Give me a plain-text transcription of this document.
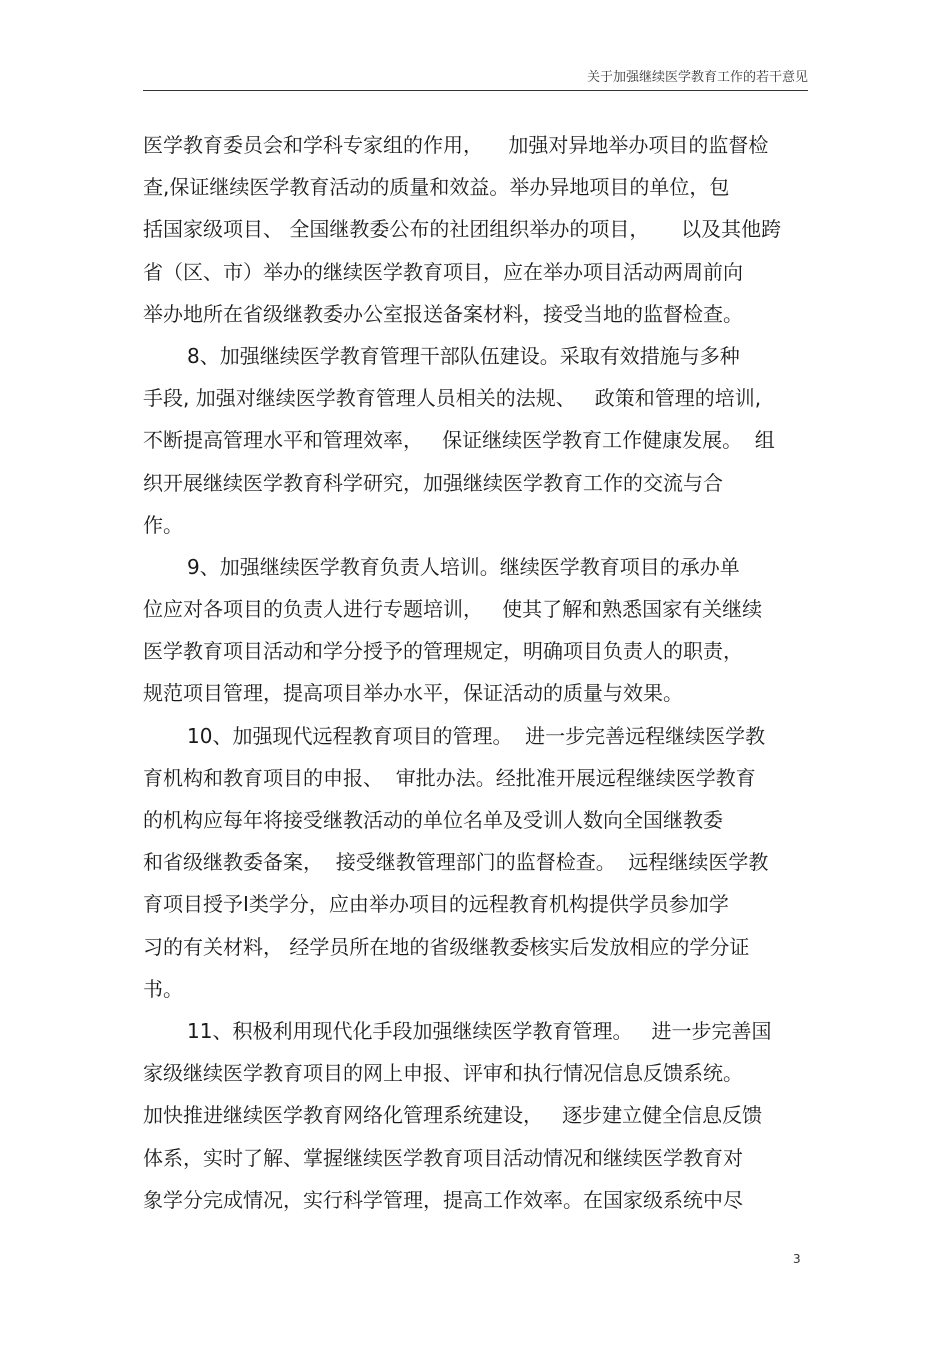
关于加强继续医学教育工作的若干意见
医学教育委员会和学科专家组的作用，    加强对异地举办项目的监督检
查,保证继续医学教育活动的质量和效益。举办异地项目的单位，包
括国家级项目、 全国继教委公布的社团组织举办的项目，     以及其他跨
省（区、市）举办的继续医学教育项目，应在举办项目活动两周前向
举办地所在省级继教委办公室报送备案材料，接受当地的监督检查。
8、加强继续医学教育管理干部队伍建设。采取有效措施与多种
手段, 加强对继续医学教育管理人员相关的法规、   政策和管理的培训,
不断提高管理水平和管理效率，   保证继续医学教育工作健康发展。  组
织开展继续医学教育科学研究，加强继续医学教育工作的交流与合
作。
9、加强继续医学教育负责人培训。继续医学教育项目的承办单
位应对各项目的负责人进行专题培训，   使其了解和熟悉国家有关继续
医学教育项目活动和学分授予的管理规定，明确项目负责人的职责，
规范项目管理，提高项目举办水平，保证活动的质量与效果。
10、加强现代远程教育项目的管理。  进一步完善远程继续医学教
育机构和教育项目的申报、  审批办法。经批准开展远程继续医学教育
的机构应每年将接受继教活动的单位名单及受训人数向全国继教委
和省级继教委备案，  接受继教管理部门的监督检查。  远程继续医学教
育项目授予Ⅰ类学分，应由举办项目的远程教育机构提供学员参加学
习的有关材料， 经学员所在地的省级继教委核实后发放相应的学分证
书。
11、积极利用现代化手段加强继续医学教育管理。   进一步完善国
家级继续医学教育项目的网上申报、评审和执行情况信息反馈系统。
加快推进继续医学教育网络化管理系统建设，   逐步建立健全信息反馈
体系，实时了解、掌握继续医学教育项目活动情况和继续医学教育对
象学分完成情况，实行科学管理，提高工作效率。在国家级系统中尽
3
